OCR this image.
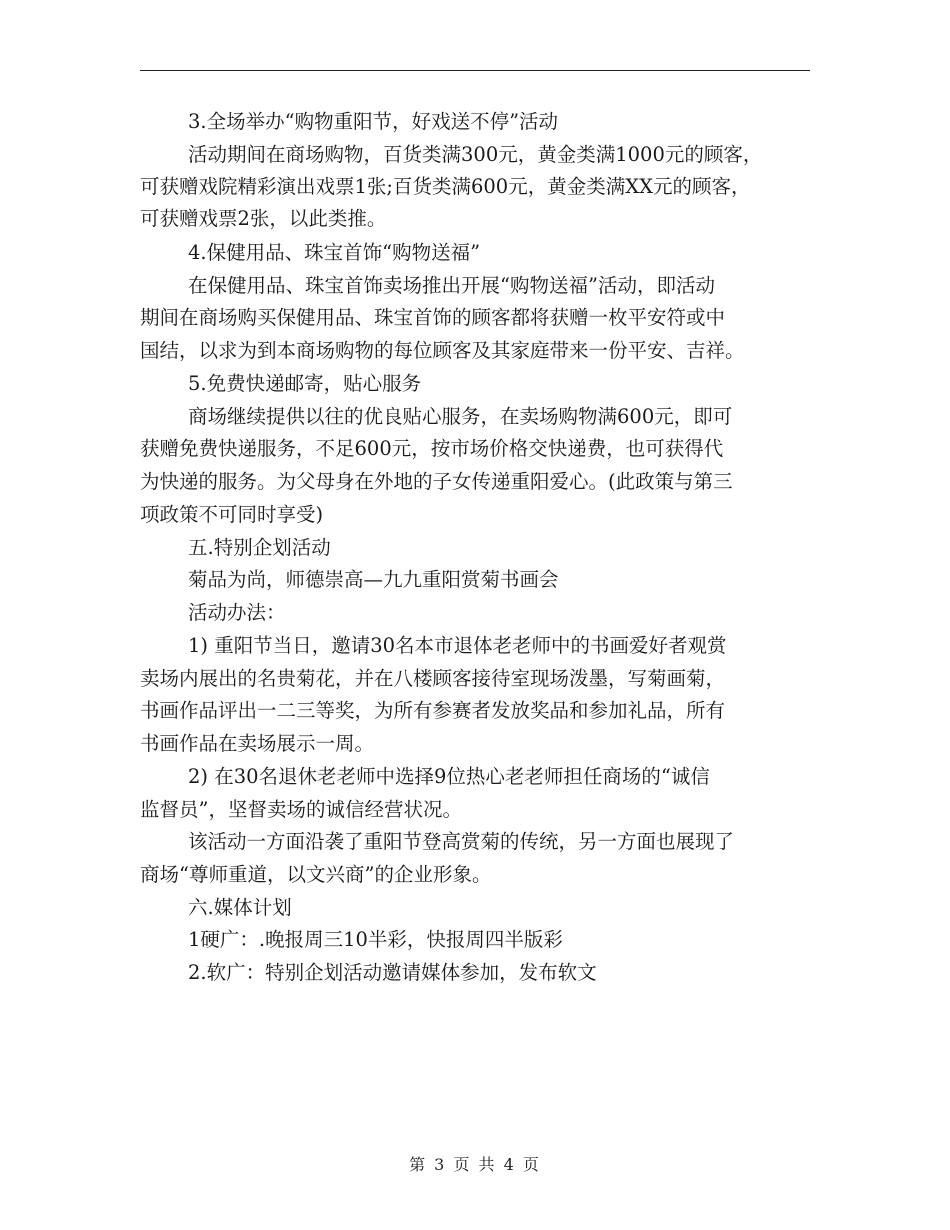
3.全场举办“购物重阳节，好戏送不停”活动
活动期间在商场购物，百货类满300元，黄金类满1000元的顾客，
可获赠戏院精彩演出戏票1张;百货类满600元，黄金类满XX元的顾客，
可获赠戏票2张，以此类推。
4.保健用品、珠宝首饰“购物送福”
在保健用品、珠宝首饰卖场推出开展“购物送福”活动，即活动
期间在商场购买保健用品、珠宝首饰的顾客都将获赠一枚平安符或中
国结，以求为到本商场购物的每位顾客及其家庭带来一份平安、吉祥。
5.免费快递邮寄，贴心服务
商场继续提供以往的优良贴心服务，在卖场购物满600元，即可
获赠免费快递服务，不足600元，按市场价格交快递费，也可获得代
为快递的服务。为父母身在外地的子女传递重阳爱心。(此政策与第三
项政策不可同时享受)
五.特别企划活动
菊品为尚，师德崇高—九九重阳赏菊书画会
活动办法：
1) 重阳节当日，邀请30名本市退体老老师中的书画爱好者观赏
卖场内展出的名贵菊花，并在八楼顾客接待室现场泼墨，写菊画菊，
书画作品评出一二三等奖，为所有参赛者发放奖品和参加礼品，所有
书画作品在卖场展示一周。
2) 在30名退休老老师中选择9位热心老老师担任商场的“诚信
监督员”，坚督卖场的诚信经营状况。
该活动一方面沿袭了重阳节登高赏菊的传统，另一方面也展现了
商场“尊师重道，以文兴商”的企业形象。
六.媒体计划
1硬广：.晚报周三10半彩，快报周四半版彩
2.软广：特别企划活动邀请媒体参加，发布软文
第 3 页 共 4 页
